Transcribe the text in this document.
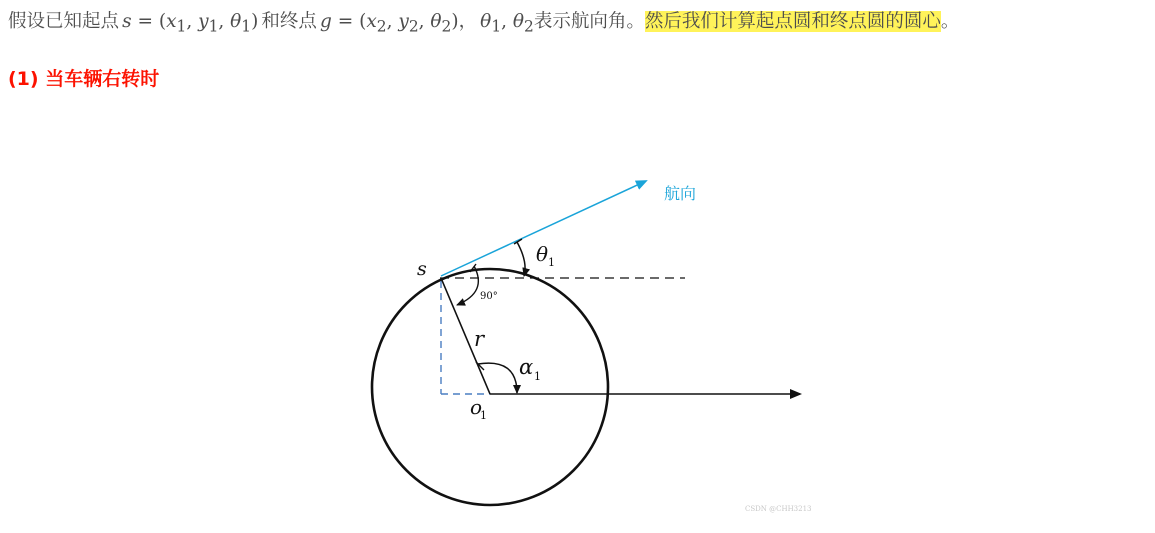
假设已知起点  $s = (x_1$, $y_1$, $\theta_1$)  和终点  $g = (x_2$, $y_2$, $\theta_2$)，  $\theta_1$, $\theta_2$表示航向角。然后我们计算起点圆和终点圆的圆心。
(1) 当车辆右转时
航向
s
θ 1
90°
r
α 1
o
1
CSDN @CHH3213
